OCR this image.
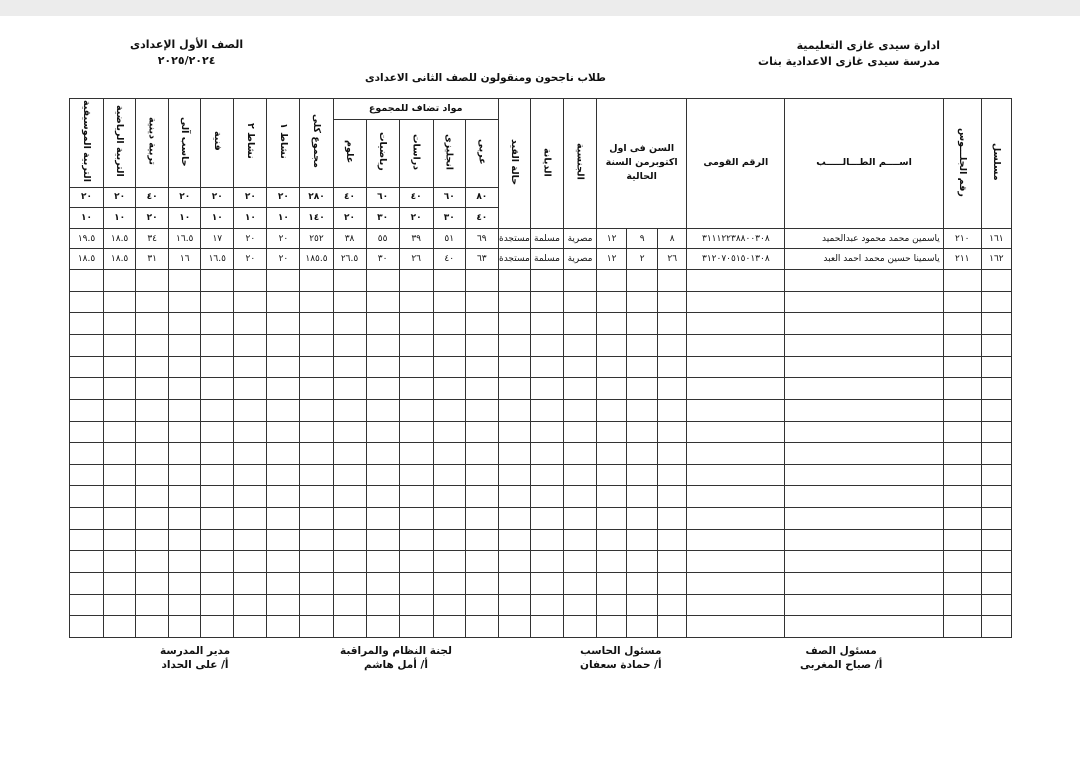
ادارة سيدى غازى التعليمية
مدرسة سيدى غازى الاعدادية بنات
الصف الأول الإعدادى
٢٠٢٥/٢٠٢٤
طلاب ناجحون ومنقولون للصف الثانى الاعدادى
التربية الموسيقية	التربية الرياضية	تربية دينية	حاسب آلى	فنية	نشاط ٢	نشاط ١	مجموع كلى	مواد تضاف للمجموع					حالة القيد	الديانة	الجنسية	السن فى اول اكتوبرمن السنة الحالية			الرقم القومى	اســــم الطـــالـــــب	رقم الجلـــوس	مسلسل
								علوم	رياضيات	دراسات	انجليزى	عربى										
٢٠	٢٠	٤٠	٢٠	٢٠	٢٠	٢٠	٢٨٠	٤٠	٦٠	٤٠	٦٠	٨٠										
١٠	١٠	٢٠	١٠	١٠	١٠	١٠	١٤٠	٢٠	٣٠	٢٠	٣٠	٤٠										
١٩.٥	١٨.٥	٣٤	١٦.٥	١٧	٢٠	٢٠	٢٥٢	٣٨	٥٥	٣٩	٥١	٦٩	مستجدة	مسلمة	مصرية	١٢	٩	٨	٣١١١٢٢٣٨٨٠٠٣٠٨	ياسمين محمد محمود عبدالحميد	٢١٠	١٦١
١٨.٥	١٨.٥	٣١	١٦	١٦.٥	٢٠	٢٠	١٨٥.٥	٢٦.٥	٣٠	٢٦	٤٠	٦٣	مستجدة	مسلمة	مصرية	١٢	٢	٢٦	٣١٢٠٧٠٥١٥٠١٣٠٨	ياسمينا حسين محمد احمد العبد	٢١١	١٦٢

مسئول الصف
أ/ صباح المغربى
مسئول الحاسب
أ/ حمادة سعفان
لجنة النظام والمراقبة
أ/ أمل هاشم
مدير المدرسة
أ/ على الحداد
